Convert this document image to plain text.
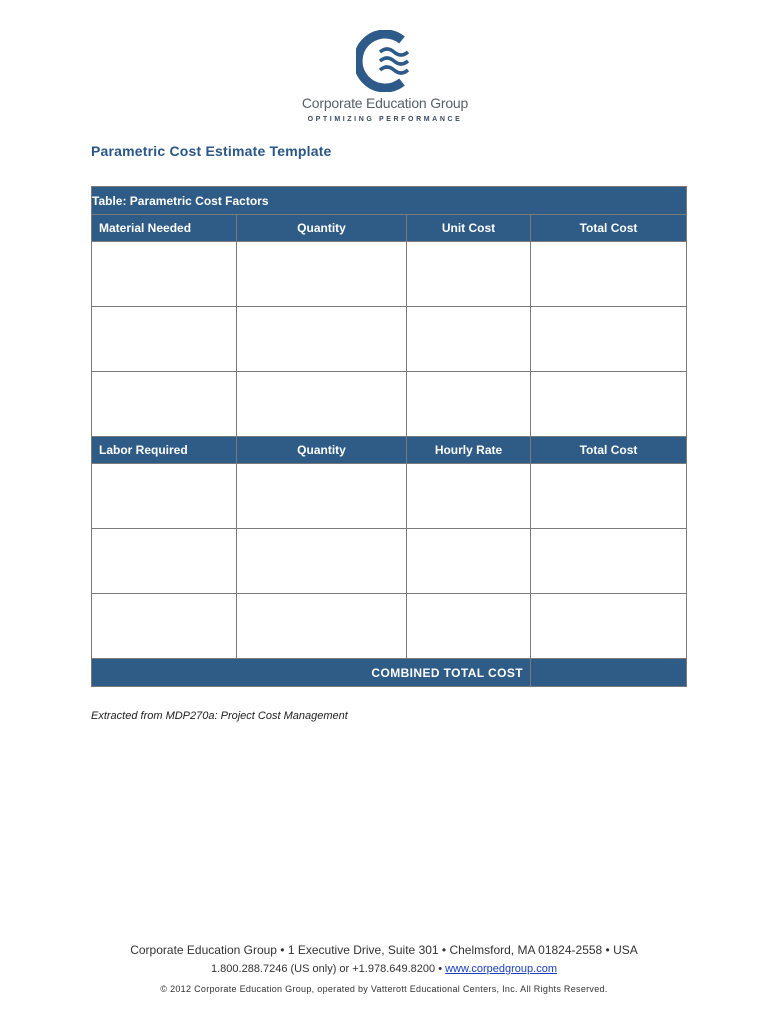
Corporate Education Group
OPTIMIZING PERFORMANCE
Parametric Cost Estimate Template
Table: Parametric Cost Factors			
Material Needed	Quantity	Unit Cost	Total Cost

Labor Required	Quantity	Hourly Rate	Total Cost

COMBINED TOTAL COST			
Extracted from MDP270a: Project Cost Management
Corporate Education Group • 1 Executive Drive, Suite 301 • Chelmsford, MA 01824-2558 • USA
1.800.288.7246 (US only) or +1.978.649.8200 • www.corpedgroup.com
© 2012 Corporate Education Group, operated by Vatterott Educational Centers, Inc. All Rights Reserved.
